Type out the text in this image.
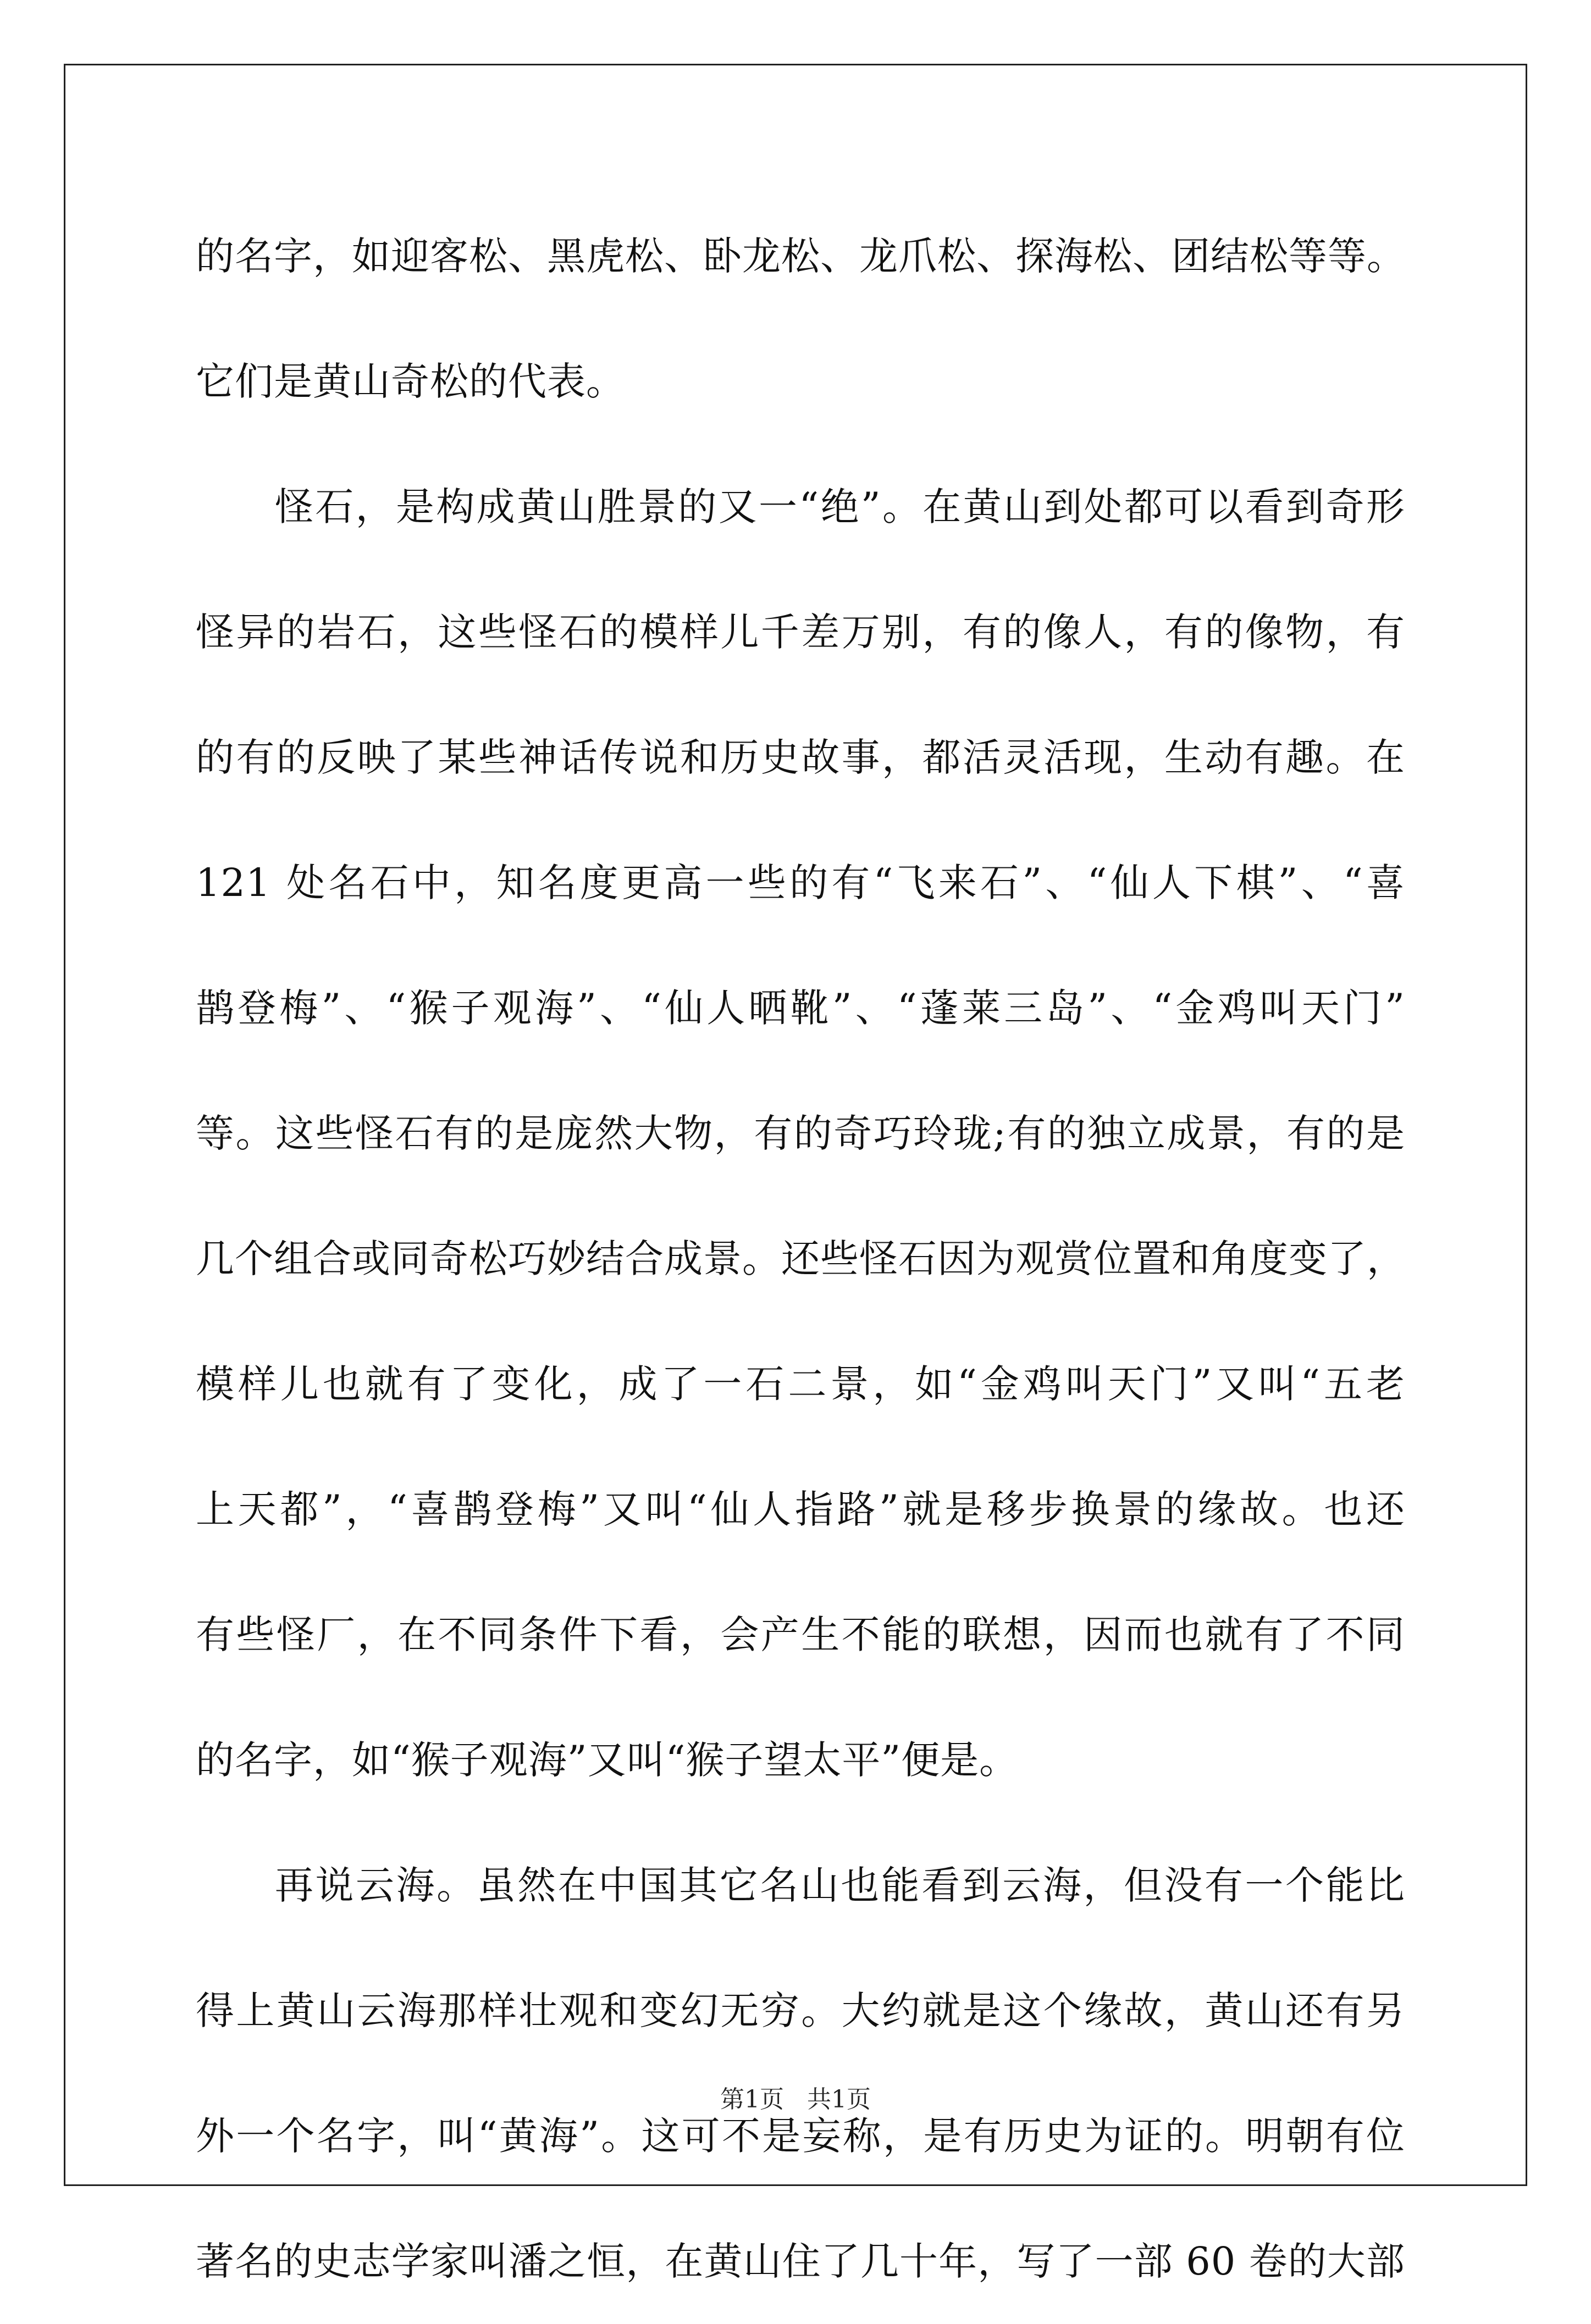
的名字，如迎客松、黑虎松、卧龙松、龙爪松、探海松、团结松等等。
它们是黄山奇松的代表。
怪石，是构成黄山胜景的又一“绝”。在黄山到处都可以看到奇形
怪异的岩石，这些怪石的模样儿千差万别，有的像人，有的像物，有
的有的反映了某些神话传说和历史故事，都活灵活现，生动有趣。在
121 处名石中，知名度更高一些的有“飞来石”、“仙人下棋”、“喜
鹊登梅”、“猴子观海”、“仙人晒靴”、“蓬莱三岛”、“金鸡叫天门”
等。这些怪石有的是庞然大物，有的奇巧玲珑;有的独立成景，有的是
几个组合或同奇松巧妙结合成景。还些怪石因为观赏位置和角度变了，
模样儿也就有了变化，成了一石二景，如“金鸡叫天门”又叫“五老
上天都”，“喜鹊登梅”又叫“仙人指路”就是移步换景的缘故。也还
有些怪厂，在不同条件下看，会产生不能的联想，因而也就有了不同
的名字，如“猴子观海”又叫“猴子望太平”便是。
再说云海。虽然在中国其它名山也能看到云海，但没有一个能比
得上黄山云海那样壮观和变幻无穷。大约就是这个缘故，黄山还有另
外一个名字，叫“黄海”。这可不是妄称，是有历史为证的。明朝有位
著名的史志学家叫潘之恒，在黄山住了几十年，写了一部 60 卷的大部
第1页 共1页
